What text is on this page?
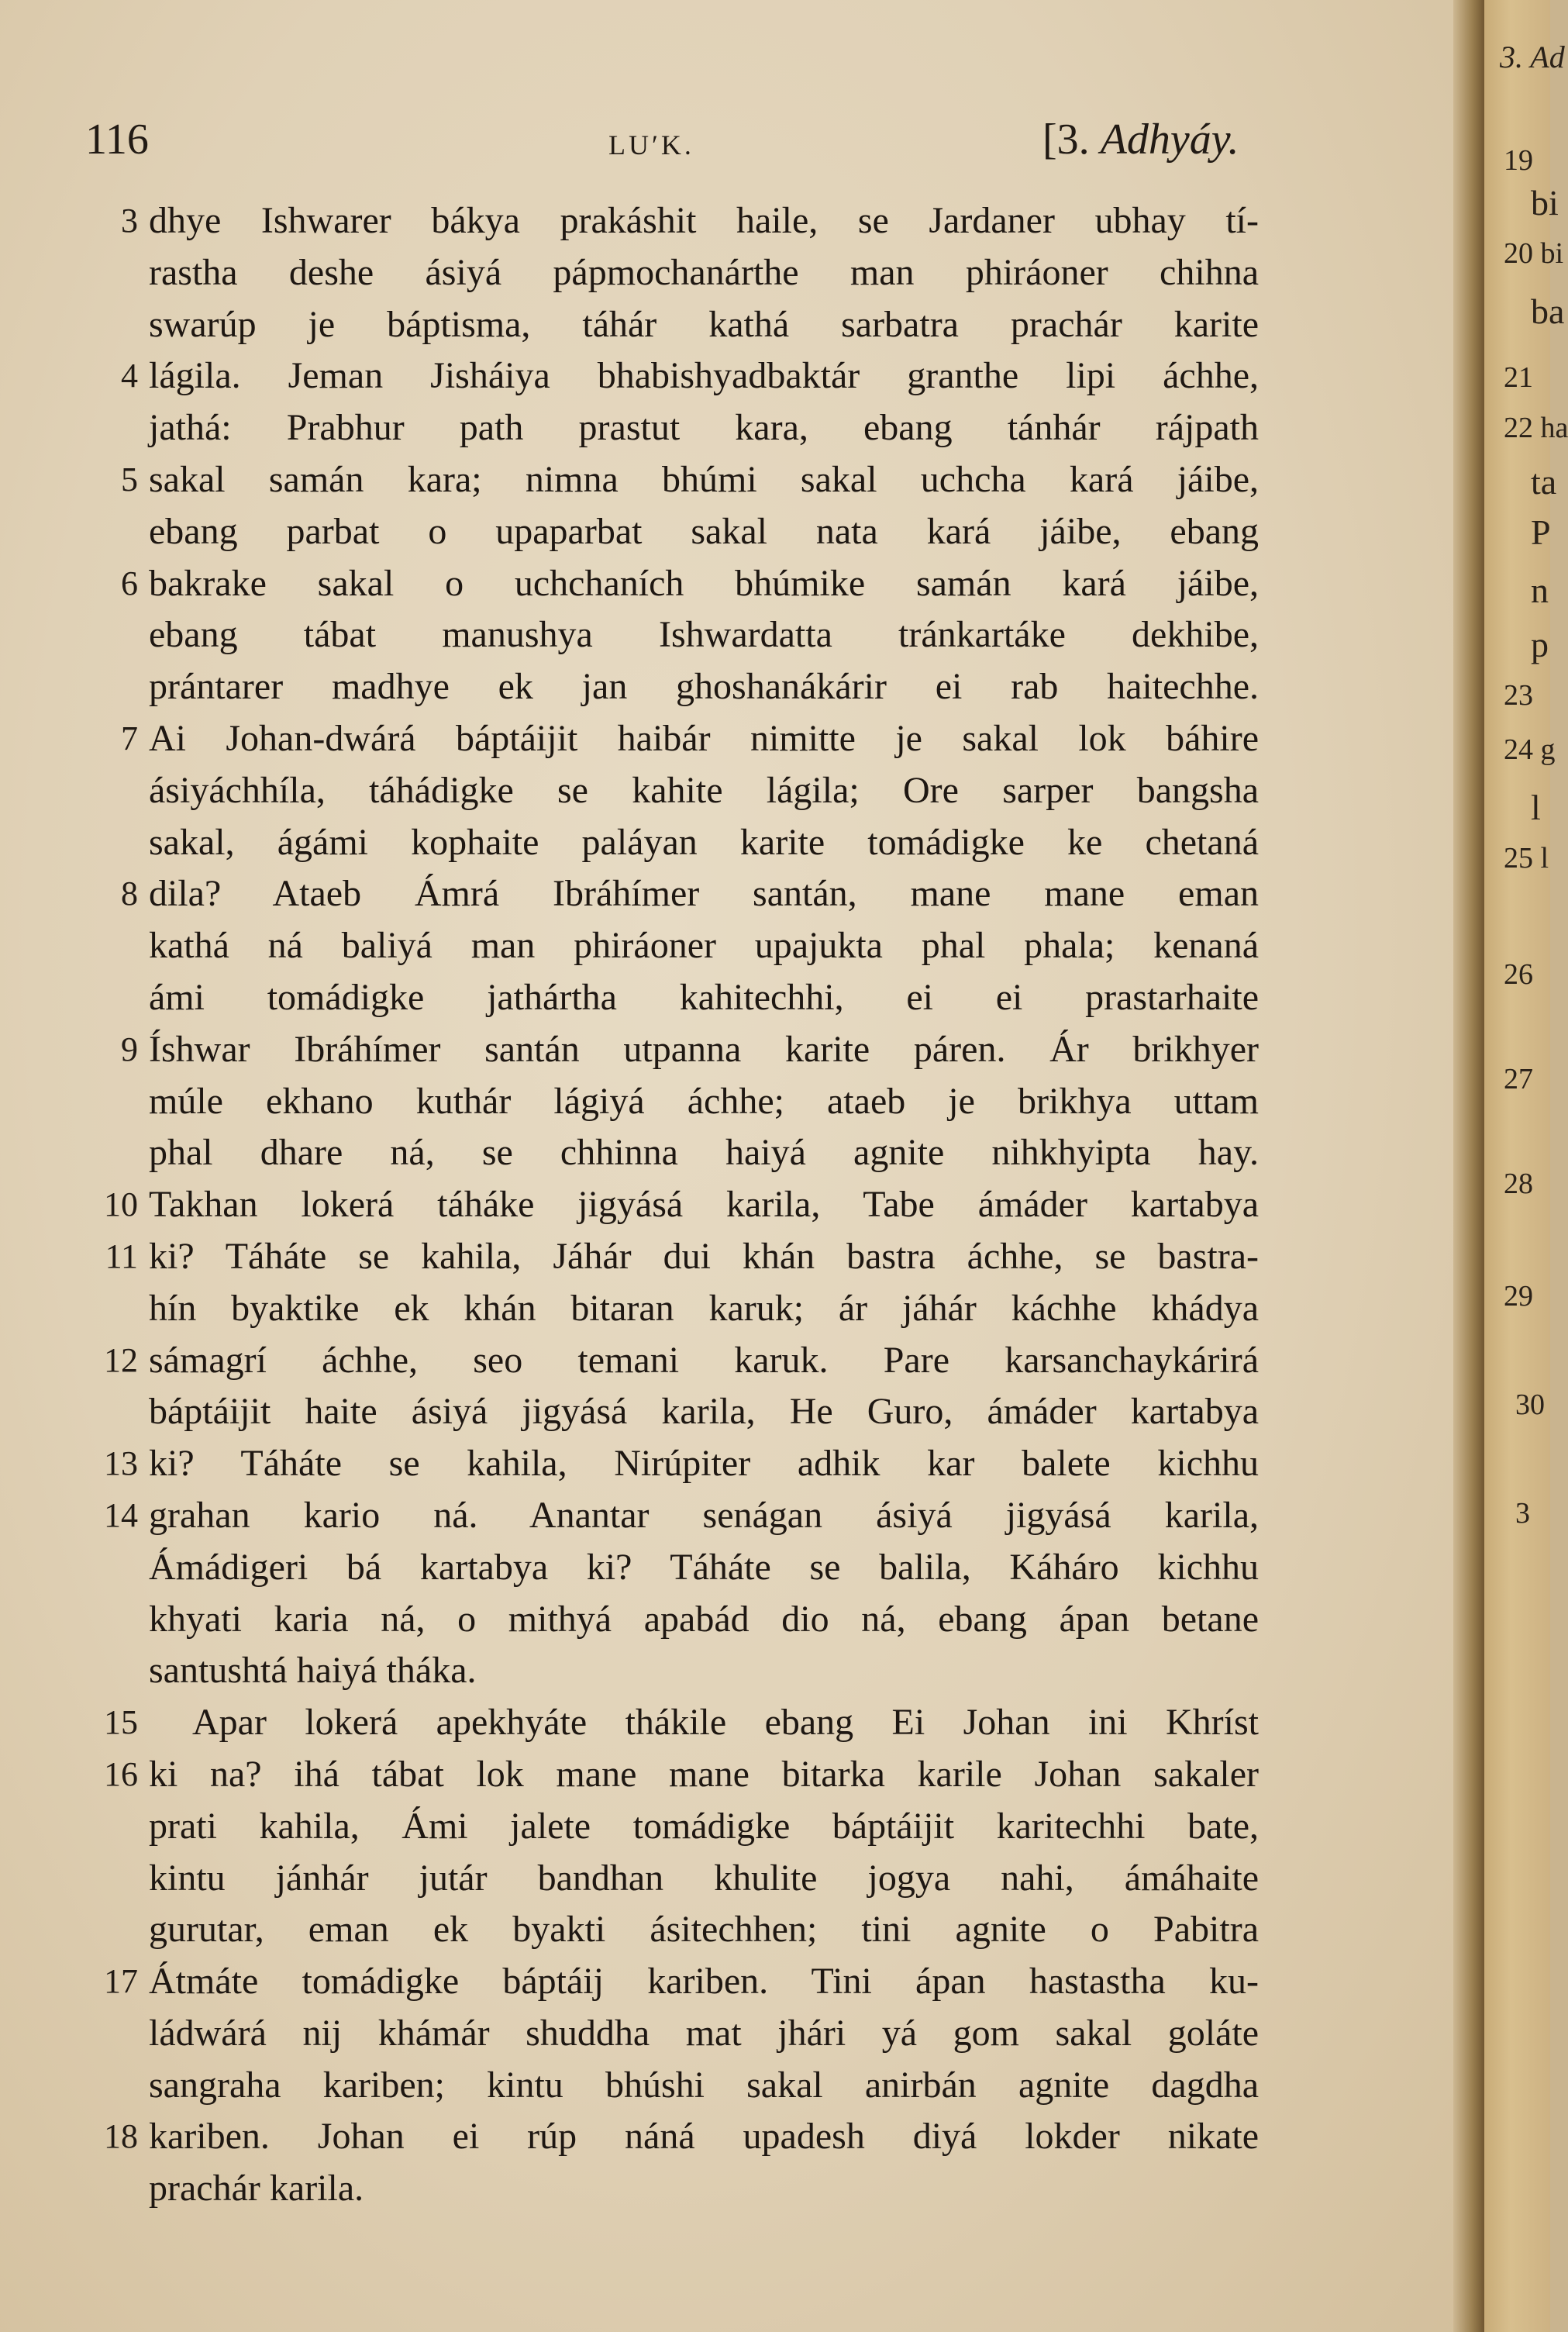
3. Ad
19
bi
20 bi
ba
21
22 ha
ta
P
n
p
23
24 g
l
25 l
26
27
28
29
30
3
116	LU′K.	[3. Adhyáy.
3 dhye Ishwarer bákya prakáshit haile, se Jardaner ubhay tí-
rastha deshe ásiyá pápmochanárthe man phiráoner chihna
swarúp je báptisma, táhár kathá sarbatra prachár karite
4 lágila. Jeman Jisháiya bhabishyadbaktár granthe lipi áchhe,
jathá: Prabhur path prastut kara, ebang tánhár rájpath
5 sakal samán kara; nimna bhúmi sakal uchcha kará jáibe,
ebang parbat o upaparbat sakal nata kará jáibe, ebang
6 bakrake sakal o uchchaních bhúmike samán kará jáibe,
ebang tábat manushya Ishwardatta tránkartáke dekhibe,
prántarer madhye ek jan ghoshanákárir ei rab haitechhe.
7 Ai Johan-dwárá báptáijit haibár nimitte je sakal lok báhire
ásiyáchhíla, táhádigke se kahite lágila; Ore sarper bangsha
sakal, ágámi kophaite paláyan karite tomádigke ke chetaná
8 dila? Ataeb Ámrá Ibráhímer santán, mane mane eman
kathá ná baliyá man phiráoner upajukta phal phala; kenaná
ámi tomádigke jathártha kahitechhi, ei ei prastarhaite
9 Íshwar Ibráhímer santán utpanna karite páren. Ár brikhyer
múle ekhano kuthár lágiyá áchhe; ataeb je brikhya uttam
phal dhare ná, se chhinna haiyá agnite nihkhyipta hay.
10 Takhan lokerá táháke jigyásá karila, Tabe ámáder kartabya
11 ki? Táháte se kahila, Jáhár dui khán bastra áchhe, se bastra-
hín byaktike ek khán bitaran karuk; ár jáhár káchhe khádya
12 sámagrí áchhe, seo temani karuk. Pare karsanchaykárirá
báptáijit haite ásiyá jigyásá karila, He Guro, ámáder kartabya
13 ki? Táháte se kahila, Nirúpiter adhik kar balete kichhu
14 grahan kario ná. Anantar senágan ásiyá jigyásá karila,
Ámádigeri bá kartabya ki? Táháte se balila, Káháro kichhu
khyati karia ná, o mithyá apabád dio ná, ebang ápan betane
santushtá haiyá tháka.
15	Apar lokerá apekhyáte thákile ebang Ei Johan ini Khríst
16 ki na? ihá tábat lok mane mane bitarka karile Johan sakaler
prati kahila, Ámi jalete tomádigke báptáijit karitechhi bate,
kintu jánhár jutár bandhan khulite jogya nahi, ámáhaite
gurutar, eman ek byakti ásitechhen; tini agnite o Pabitra
17 Átmáte tomádigke báptáij kariben. Tini ápan hastastha ku-
ládwárá nij khámár shuddha mat jhári yá gom sakal goláte
sangraha kariben; kintu bhúshi sakal anirbán agnite dagdha
18 kariben. Johan ei rúp náná upadesh diyá lokder nikate
prachár karila.
